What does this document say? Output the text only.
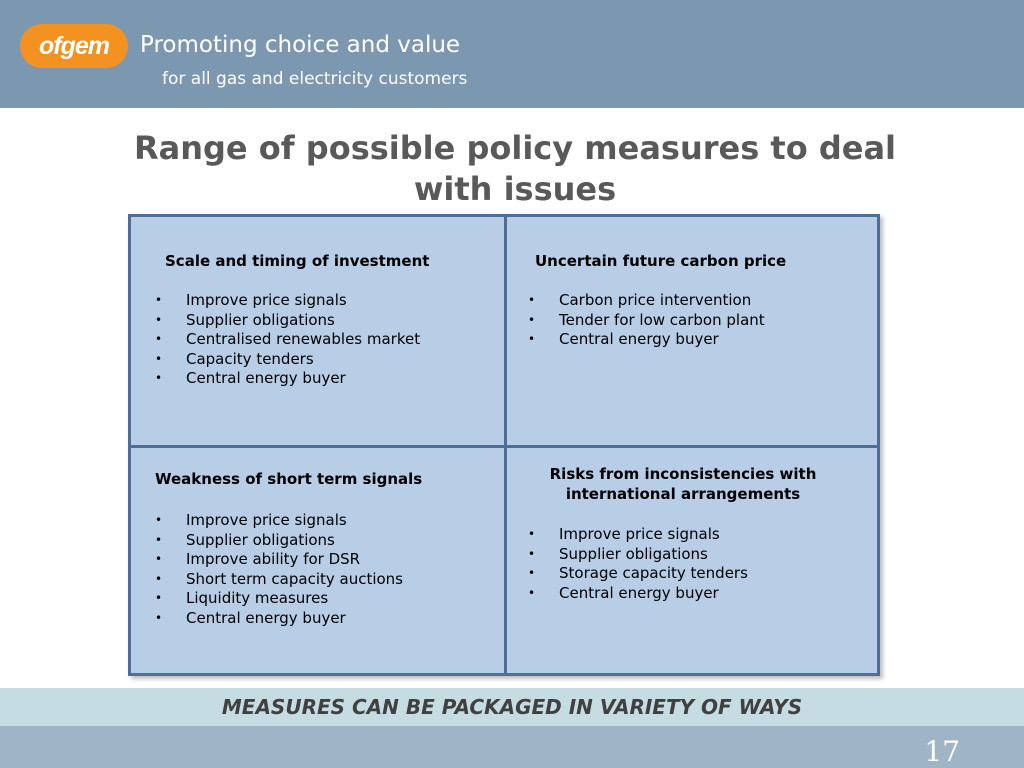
ofgem Promoting choice and value
for all gas and electricity customers
Range of possible policy measures to deal with issues

Scale and timing of investment

• Improve price signals
• Supplier obligations
• Centralised renewables market
• Capacity tenders
• Central energy buyer

Uncertain future carbon price

• Carbon price intervention
• Tender for low carbon plant
• Central energy buyer

Weakness of short term signals

• Improve price signals
• Supplier obligations
• Improve ability for DSR
• Short term capacity auctions
• Liquidity measures
• Central energy buyer

Risks from inconsistencies with international arrangements

• Improve price signals
• Supplier obligations
• Storage capacity tenders
• Central energy buyer
MEASURES CAN BE PACKAGED IN VARIETY OF WAYS
17
